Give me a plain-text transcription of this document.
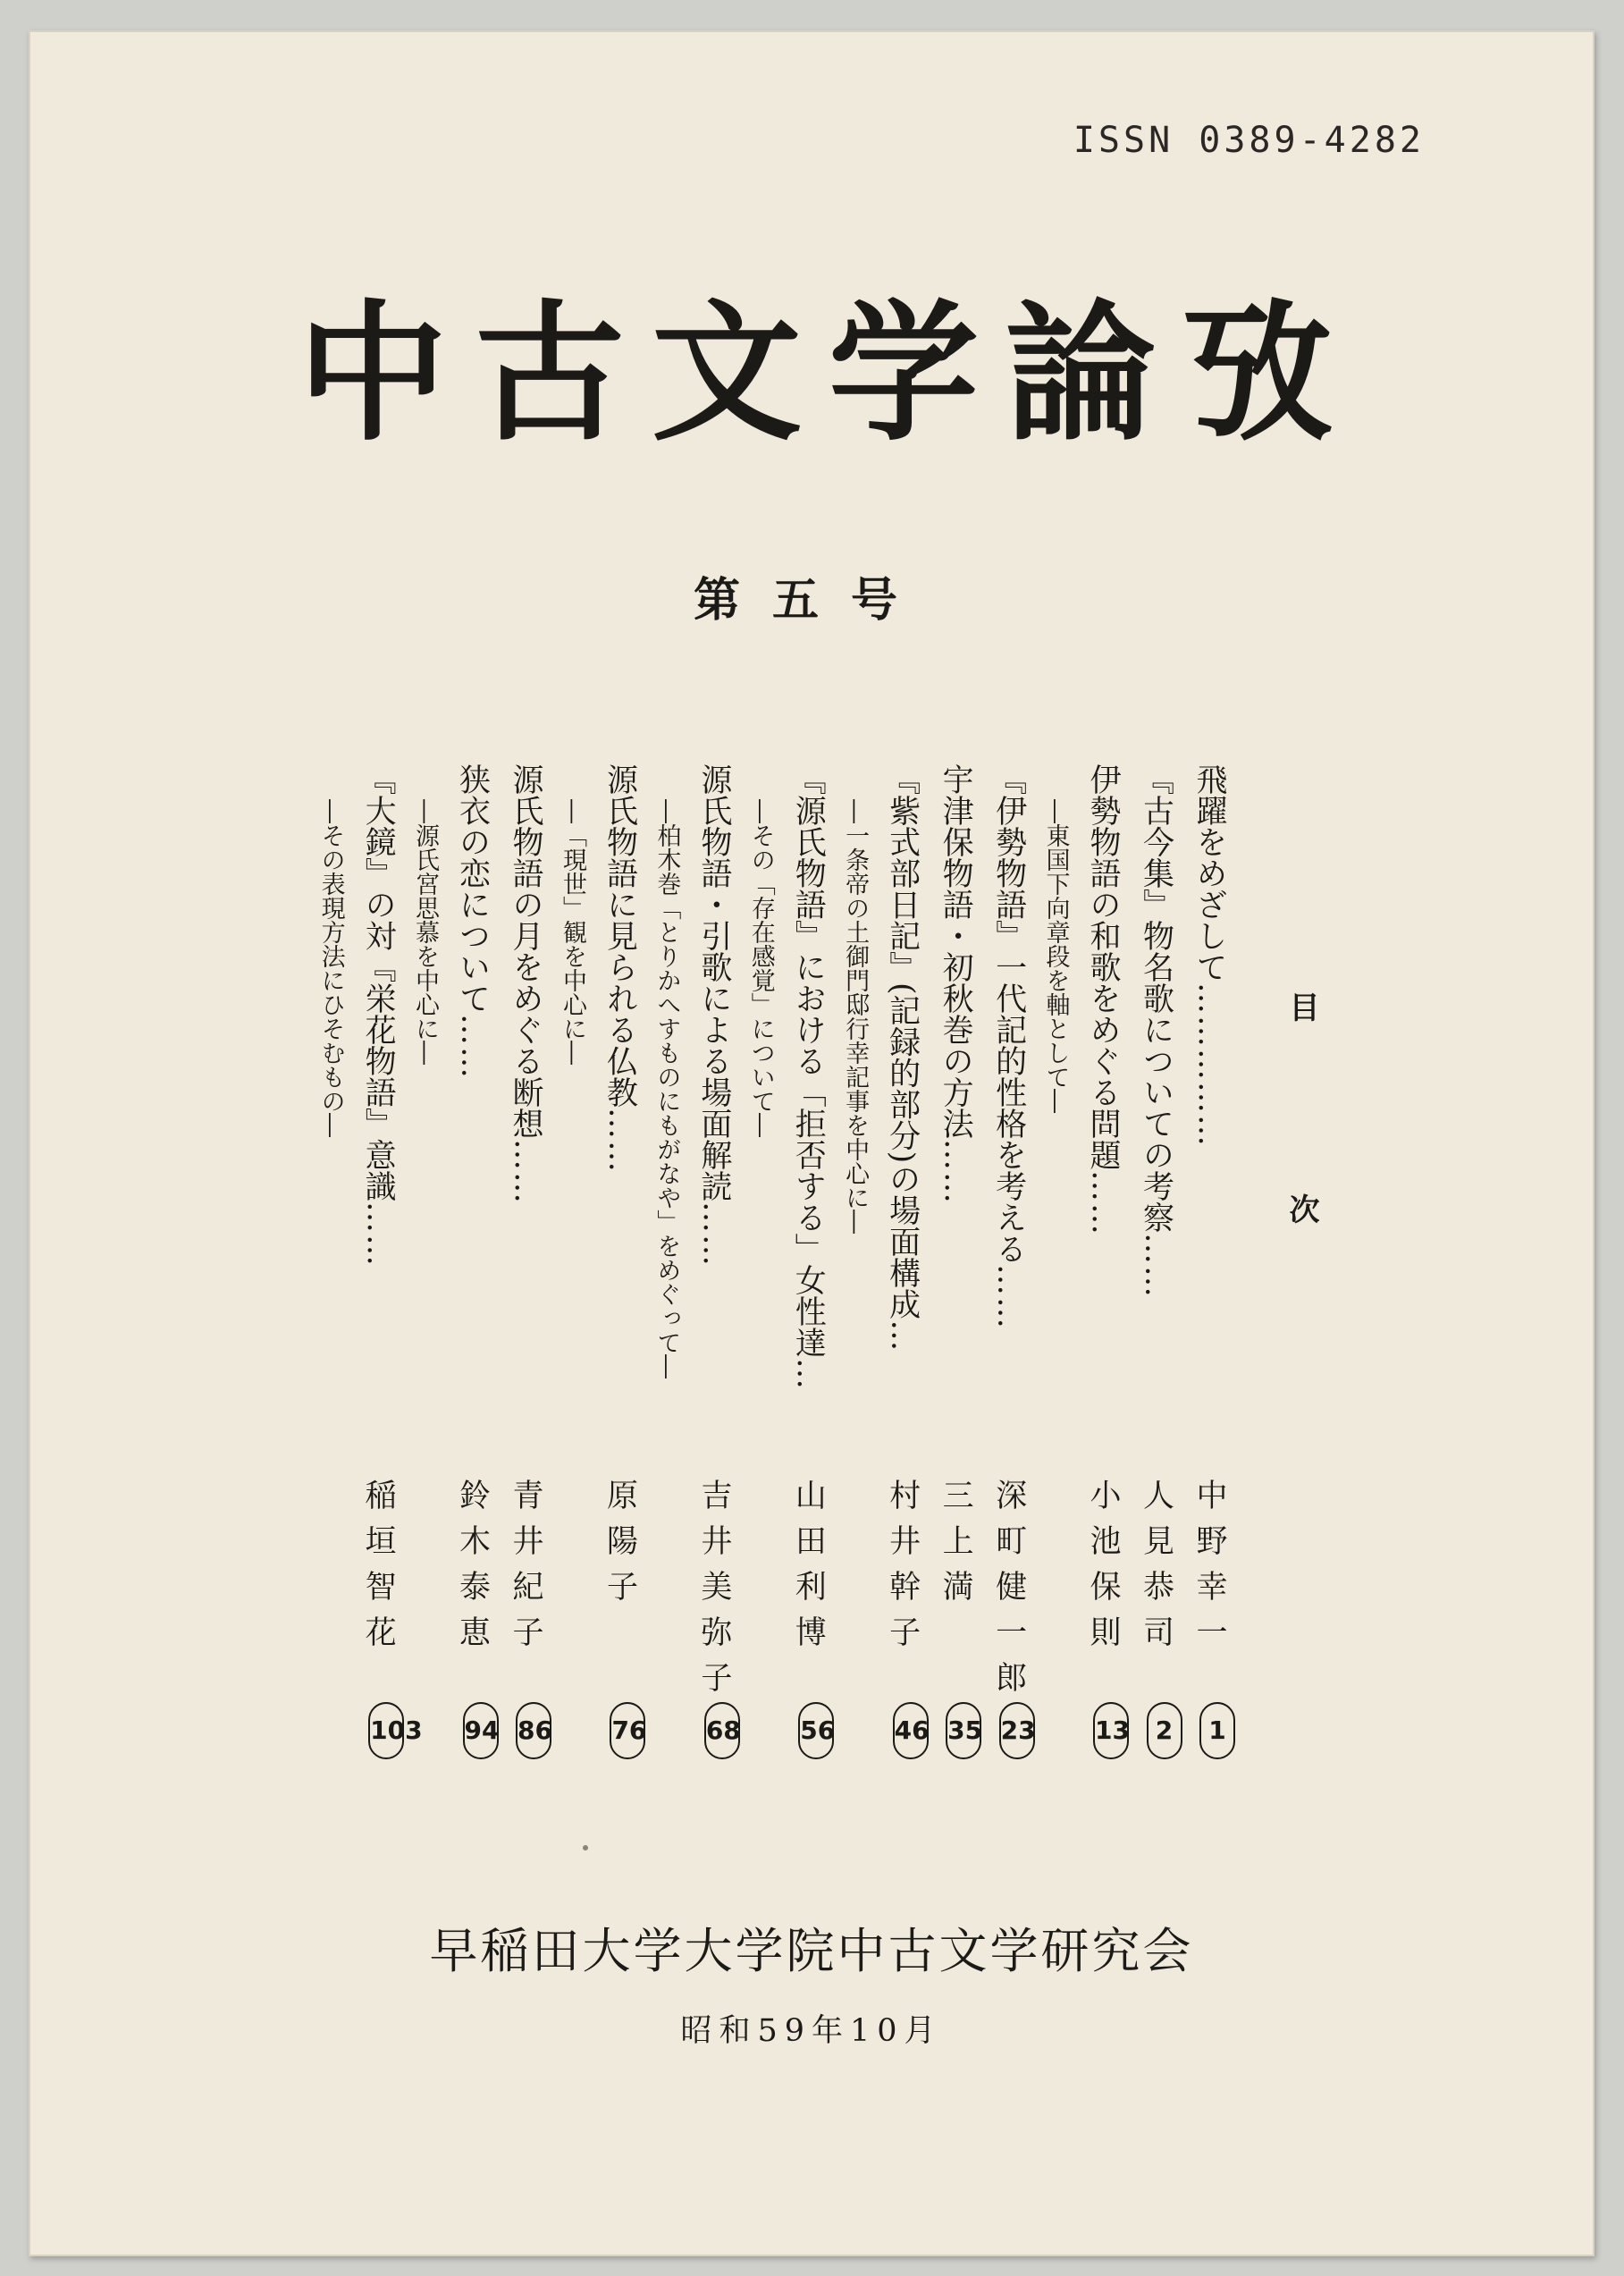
ISSN 0389-4282
中古文学論攷
第五号
目 次
飛躍をめざして……………
中野幸一
1
『古今集』物名歌についての考察……
人見恭司
2
伊勢物語の和歌をめぐる問題……
小池保則
13
―東国下向章段を軸として―
『伊勢物語』一代記的性格を考える……
深町健一郎
23
宇津保物語・初秋巻の方法……
三上満
35
『紫式部日記』(記録的部分)の場面構成…
村井幹子
46
―一条帝の土御門邸行幸記事を中心に―
『源氏物語』における「拒否する」女性達…
山田利博
56
―その「存在感覚」について―
源氏物語・引歌による場面解読……
吉井美弥子
68
―柏木巻「とりかへすものにもがなや」をめぐって―
源氏物語に見られる仏教……
原陽子
76
―「現世」観を中心に―
源氏物語の月をめぐる断想……
青井紀子
86
狭衣の恋について……
鈴木泰恵
94
―源氏宮思慕を中心に―
『大鏡』の対『栄花物語』意識……
稲垣智花
103
―その表現方法にひそむもの―
早稲田大学大学院中古文学研究会
昭和59年10月
